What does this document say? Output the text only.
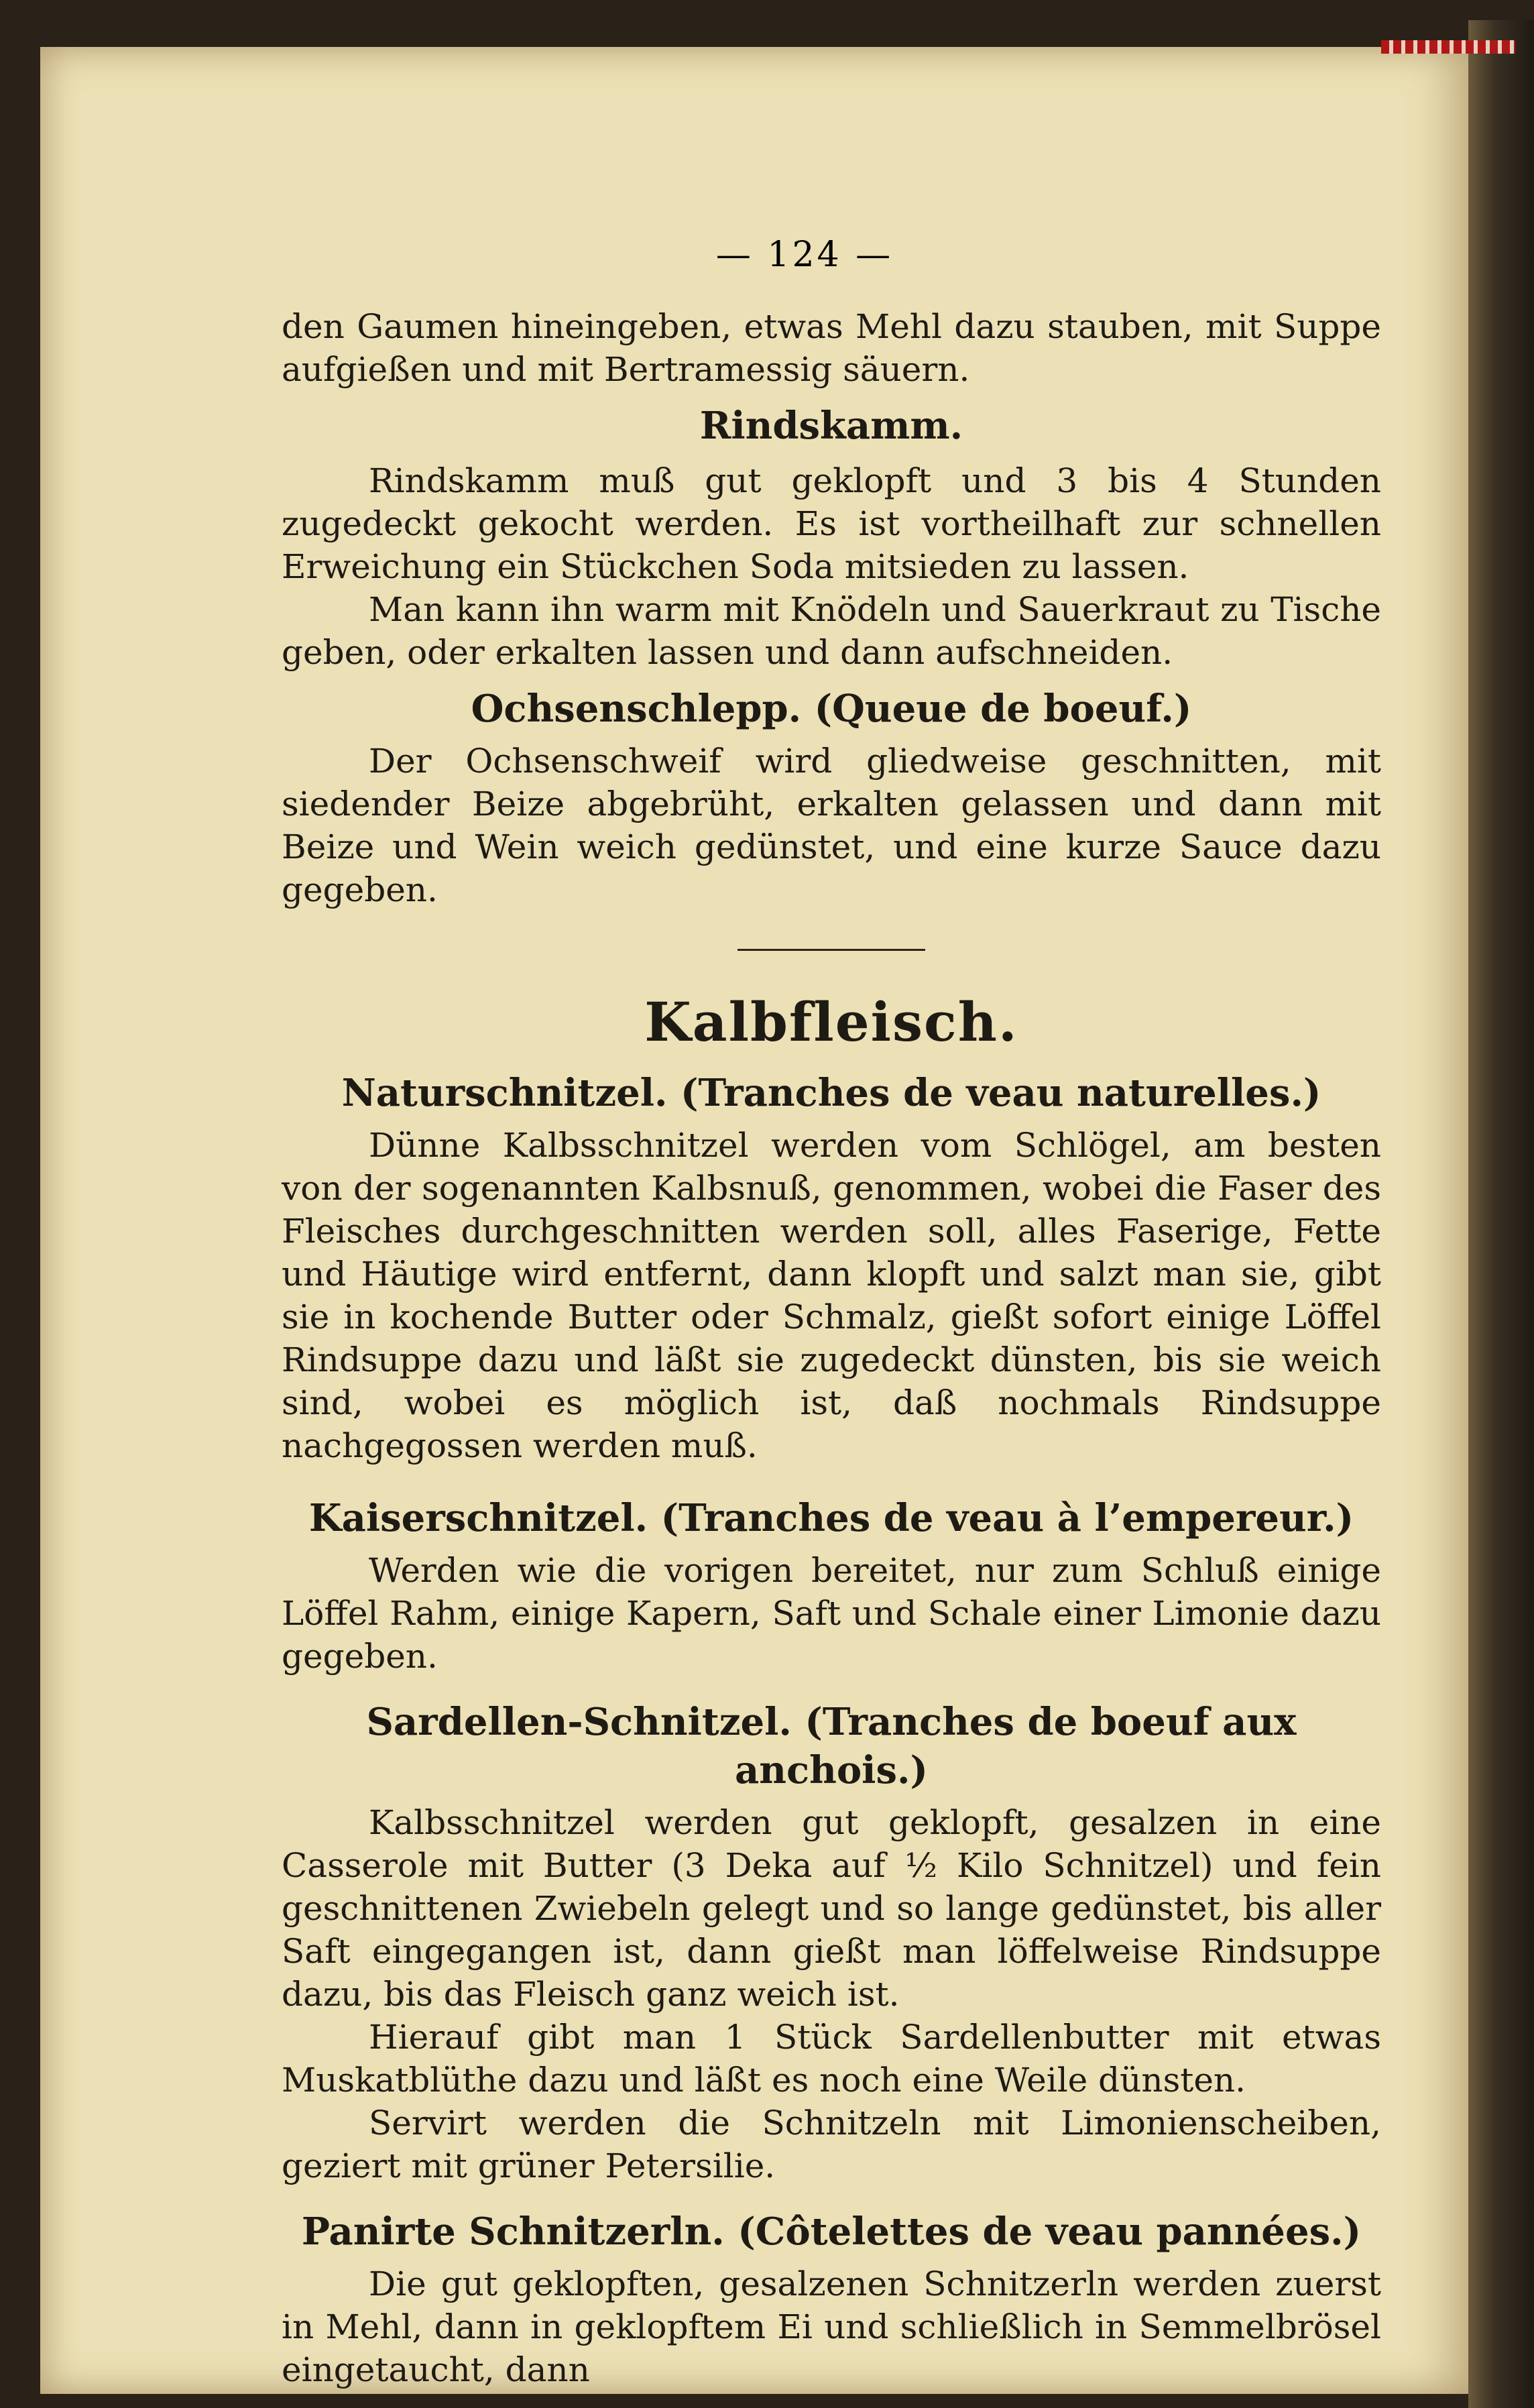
— 124 —

den Gaumen hineingeben, etwas Mehl dazu stauben, mit Suppe aufgießen und mit Bertramessig säuern.

Rindskamm.

Rindskamm muß gut geklopft und 3 bis 4 Stunden zugedeckt gekocht werden. Es ist vortheilhaft zur schnellen Erweichung ein Stückchen Soda mitsieden zu lassen.

Man kann ihn warm mit Knödeln und Sauerkraut zu Tische geben, oder erkalten lassen und dann aufschneiden.

Ochsenschlepp. (Queue de boeuf.)

Der Ochsenschweif wird gliedweise geschnitten, mit siedender Beize abgebrüht, erkalten gelassen und dann mit Beize und Wein weich gedünstet, und eine kurze Sauce dazu gegeben.

Kalbfleisch.

Naturschnitzel. (Tranches de veau naturelles.)

Dünne Kalbsschnitzel werden vom Schlögel, am besten von der sogenannten Kalbsnuß, genommen, wobei die Faser des Fleisches durchgeschnitten werden soll, alles Faserige, Fette und Häutige wird entfernt, dann klopft und salzt man sie, gibt sie in kochende Butter oder Schmalz, gießt sofort einige Löffel Rindsuppe dazu und läßt sie zugedeckt dünsten, bis sie weich sind, wobei es möglich ist, daß nochmals Rindsuppe nachgegossen werden muß.

Kaiserschnitzel. (Tranches de veau à l’empereur.)

Werden wie die vorigen bereitet, nur zum Schluß einige Löffel Rahm, einige Kapern, Saft und Schale einer Limonie dazu gegeben.

Sardellen-Schnitzel. (Tranches de boeuf aux anchois.)

Kalbsschnitzel werden gut geklopft, gesalzen in eine Casserole mit Butter (3 Deka auf ½ Kilo Schnitzel) und fein geschnittenen Zwiebeln gelegt und so lange gedünstet, bis aller Saft eingegangen ist, dann gießt man löffelweise Rindsuppe dazu, bis das Fleisch ganz weich ist.

Hierauf gibt man 1 Stück Sardellenbutter mit etwas Muskatblüthe dazu und läßt es noch eine Weile dünsten.

Servirt werden die Schnitzeln mit Limonienscheiben, geziert mit grüner Petersilie.

Panirte Schnitzerln. (Côtelettes de veau pannées.)

Die gut geklopften, gesalzenen Schnitzerln werden zuerst in Mehl, dann in geklopftem Ei und schließlich in Semmelbrösel eingetaucht, dann
